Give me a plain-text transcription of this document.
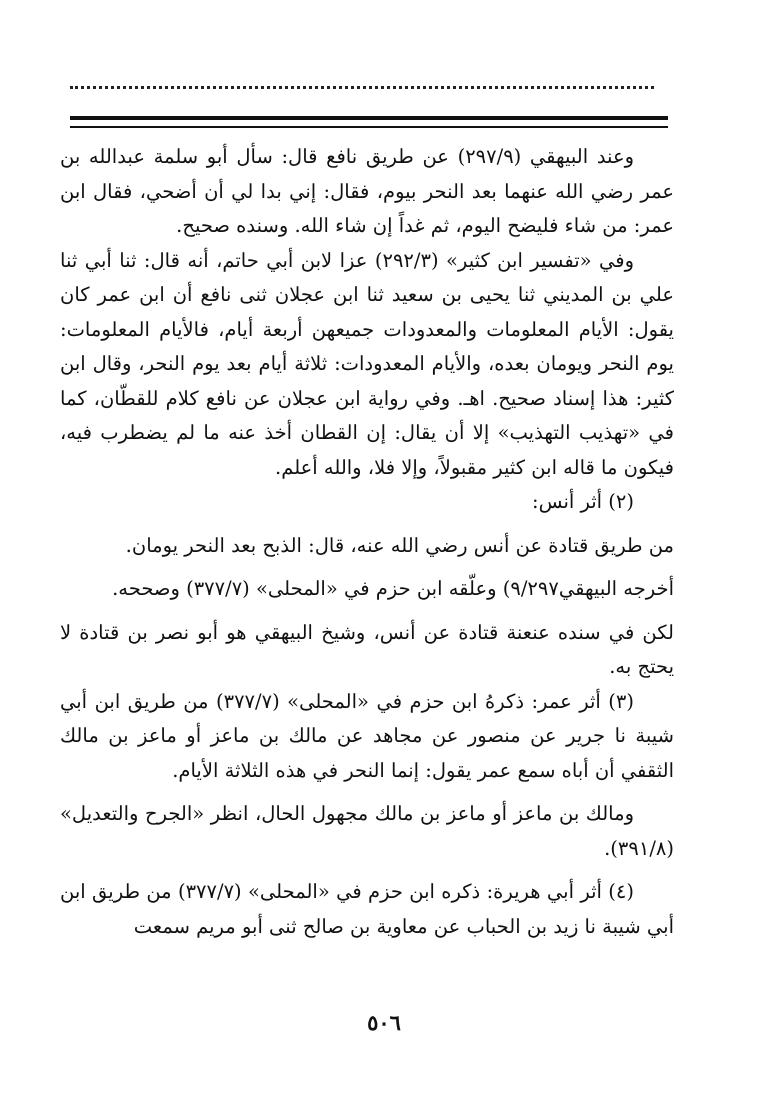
وعند البيهقي (٢٩٧/٩) عن طريق نافع قال: سأل أبو سلمة عبدالله بن عمر رضي الله عنهما بعد النحر بيوم، فقال: إني بدا لي أن أضحي، فقال ابن عمر: من شاء فليضح اليوم، ثم غداً إن شاء الله. وسنده صحيح.

وفي «تفسير ابن كثير» (٢٩٢/٣) عزا لابن أبي حاتم، أنه قال: ثنا أبي ثنا علي بن المديني ثنا يحيى بن سعيد ثنا ابن عجلان ثنى نافع أن ابن عمر كان يقول: الأيام المعلومات والمعدودات جميعهن أربعة أيام، فالأيام المعلومات: يوم النحر ويومان بعده، والأيام المعدودات: ثلاثة أيام بعد يوم النحر، وقال ابن كثير: هذا إسناد صحيح. اهـ. وفي رواية ابن عجلان عن نافع كلام للقطّان، كما في «تهذيب التهذيب» إلا أن يقال: إن القطان أخذ عنه ما لم يضطرب فيه، فيكون ما قاله ابن كثير مقبولاً، وإلا فلا، والله أعلم.

(٢) أثر أنس:

من طريق قتادة عن أنس رضي الله عنه، قال: الذبح بعد النحر يومان.

أخرجه البيهقي٩/٢٩٧) وعلّقه ابن حزم في «المحلى» (٣٧٧/٧) وصححه.

لكن في سنده عنعنة قتادة عن أنس، وشيخ البيهقي هو أبو نصر بن قتادة لا يحتج به.

(٣) أثر عمر: ذكرهُ ابن حزم في «المحلى» (٣٧٧/٧) من طريق ابن أبي شيبة نا جرير عن منصور عن مجاهد عن مالك بن ماعز أو ماعز بن مالك الثقفي أن أباه سمع عمر يقول: إنما النحر في هذه الثلاثة الأيام.

ومالك بن ماعز أو ماعز بن مالك مجهول الحال، انظر «الجرح والتعديل» (٣٩١/٨).

(٤) أثر أبي هريرة: ذكره ابن حزم في «المحلى» (٣٧٧/٧) من طريق ابن أبي شيبة نا زيد بن الحباب عن معاوية بن صالح ثنى أبو مريم سمعت

٥٠٦
